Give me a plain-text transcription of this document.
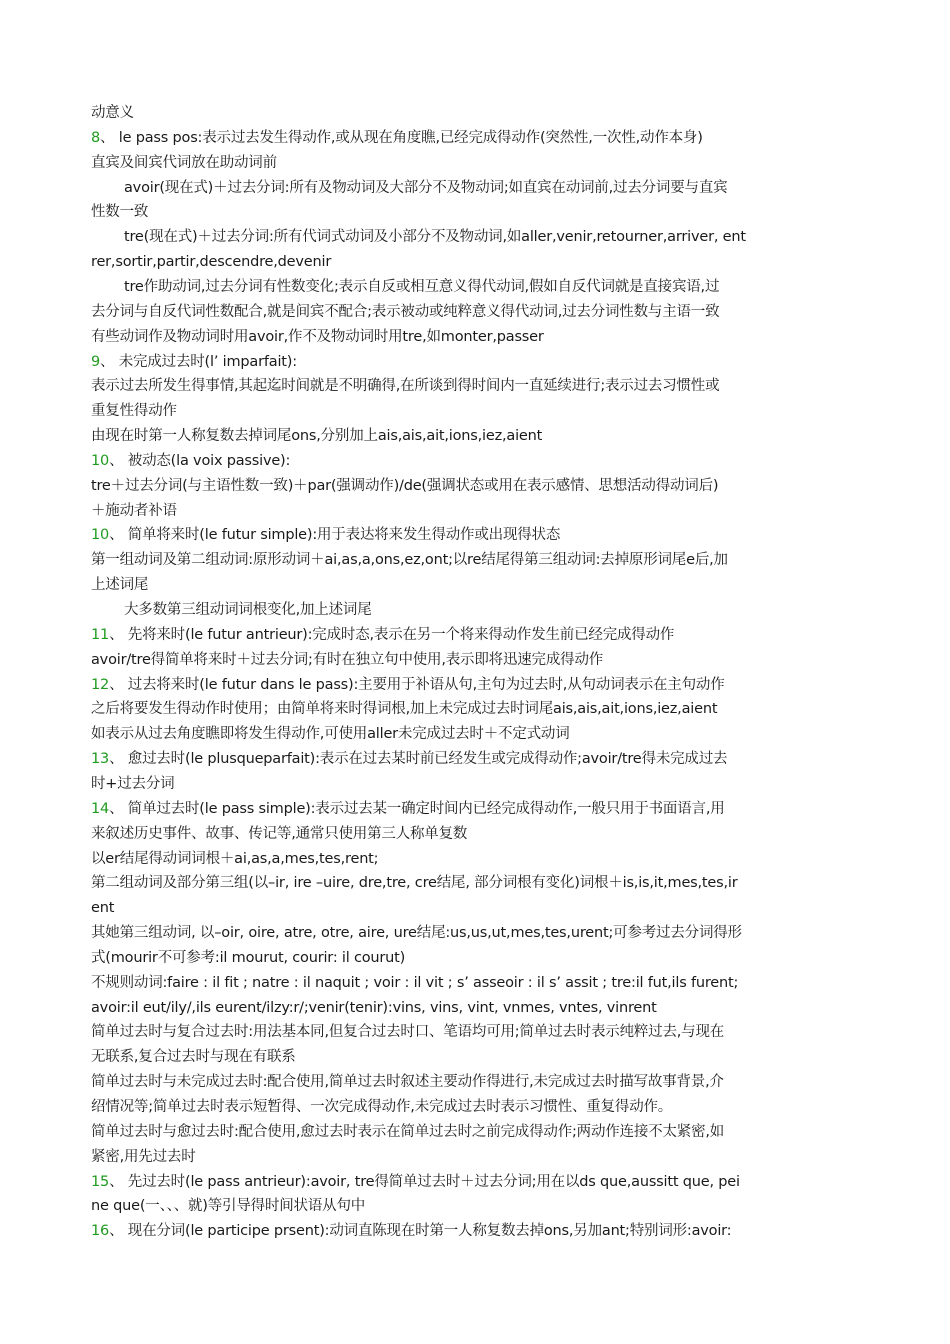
动意义
8、 le pass pos:表示过去发生得动作,或从现在角度瞧,已经完成得动作(突然性,一次性,动作本身)
直宾及间宾代词放在助动词前
avoir(现在式)＋过去分词:所有及物动词及大部分不及物动词;如直宾在动词前,过去分词要与直宾
性数一致
tre(现在式)＋过去分词:所有代词式动词及小部分不及物动词,如aller,venir,retourner,arriver, ent
rer,sortir,partir,descendre,devenir
tre作助动词,过去分词有性数变化;表示自反或相互意义得代动词,假如自反代词就是直接宾语,过
去分词与自反代词性数配合,就是间宾不配合;表示被动或纯粹意义得代动词,过去分词性数与主语一致
有些动词作及物动词时用avoir,作不及物动词时用tre,如monter,passer
9、 未完成过去时(l’ imparfait):
表示过去所发生得事情,其起迄时间就是不明确得,在所谈到得时间内一直延续进行;表示过去习惯性或
重复性得动作
由现在时第一人称复数去掉词尾ons,分别加上ais,ais,ait,ions,iez,aient
10、 被动态(la voix passive):
tre＋过去分词(与主语性数一致)＋par(强调动作)/de(强调状态或用在表示感情、思想活动得动词后)
＋施动者补语
10、 简单将来时(le futur simple):用于表达将来发生得动作或出现得状态
第一组动词及第二组动词:原形动词＋ai,as,a,ons,ez,ont;以re结尾得第三组动词:去掉原形词尾e后,加
上述词尾
大多数第三组动词词根变化,加上述词尾
11、 先将来时(le futur antrieur):完成时态,表示在另一个将来得动作发生前已经完成得动作
avoir/tre得简单将来时＋过去分词;有时在独立句中使用,表示即将迅速完成得动作
12、 过去将来时(le futur dans le pass):主要用于补语从句,主句为过去时,从句动词表示在主句动作
之后将要发生得动作时使用；由简单将来时得词根,加上未完成过去时词尾ais,ais,ait,ions,iez,aient
如表示从过去角度瞧即将发生得动作,可使用aller未完成过去时＋不定式动词
13、 愈过去时(le plusqueparfait):表示在过去某时前已经发生或完成得动作;avoir/tre得未完成过去
时+过去分词
14、 简单过去时(le pass simple):表示过去某一确定时间内已经完成得动作,一般只用于书面语言,用
来叙述历史事件、故事、传记等,通常只使用第三人称单复数
以er结尾得动词词根＋ai,as,a,mes,tes,rent;
第二组动词及部分第三组(以–ir, ire –uire, dre,tre, cre结尾, 部分词根有变化)词根＋is,is,it,mes,tes,ir
ent
其她第三组动词, 以–oir, oire, atre, otre, aire, ure结尾:us,us,ut,mes,tes,urent;可参考过去分词得形
式(mourir不可参考:il mourut, courir: il courut)
不规则动词:faire : il fit ; natre : il naquit ; voir : il vit ; s’ asseoir : il s’ assit ; tre:il fut,ils furent;
avoir:il eut/ily/,ils eurent/ilzy:r/;venir(tenir):vins, vins, vint, vnmes, vntes, vinrent
简单过去时与复合过去时:用法基本同,但复合过去时口、笔语均可用;简单过去时表示纯粹过去,与现在
无联系,复合过去时与现在有联系
简单过去时与未完成过去时:配合使用,简单过去时叙述主要动作得进行,未完成过去时描写故事背景,介
绍情况等;简单过去时表示短暂得、一次完成得动作,未完成过去时表示习惯性、重复得动作。
简单过去时与愈过去时:配合使用,愈过去时表示在简单过去时之前完成得动作;两动作连接不太紧密,如
紧密,用先过去时
15、 先过去时(le pass antrieur):avoir, tre得简单过去时＋过去分词;用在以ds que,aussitt que, pei
ne que(一、、、就)等引导得时间状语从句中
16、 现在分词(le participe prsent):动词直陈现在时第一人称复数去掉ons,另加ant;特别词形:avoir:
